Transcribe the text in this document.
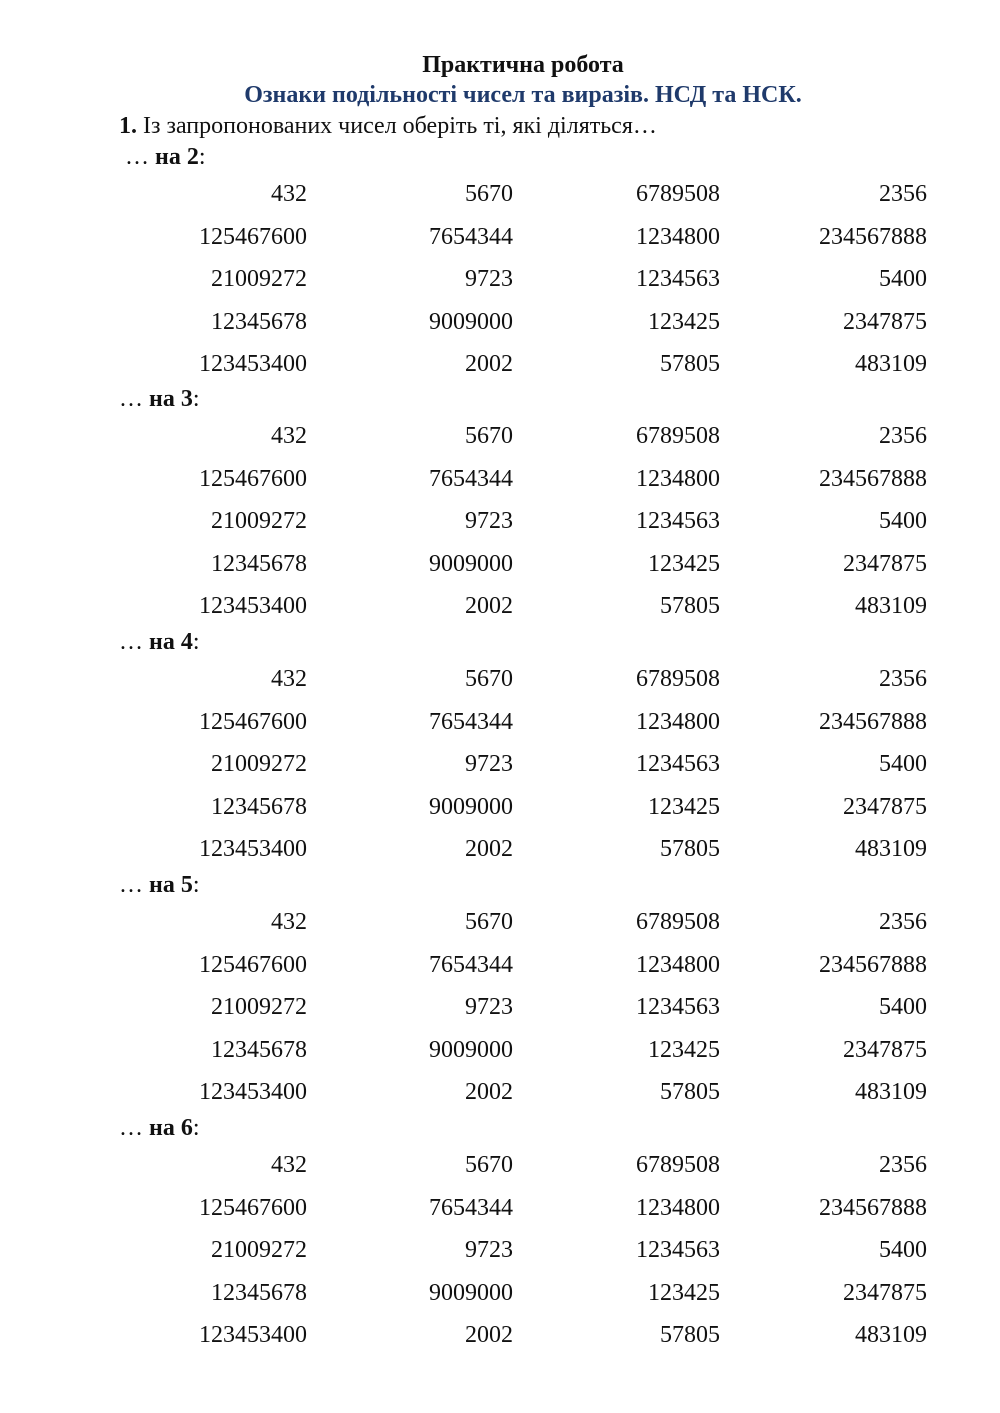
Практична робота
Ознаки подільності чисел та виразів. НСД та НСК.
1. Із запропонованих чисел оберіть ті, які діляться…
… на 2:
432	5670	6789508	2356
125467600	7654344	1234800	234567888
21009272	9723	1234563	5400
12345678	9009000	123425	2347875
123453400	2002	57805	483109
… на 3:
432	5670	6789508	2356
125467600	7654344	1234800	234567888
21009272	9723	1234563	5400
12345678	9009000	123425	2347875
123453400	2002	57805	483109
… на 4:
432	5670	6789508	2356
125467600	7654344	1234800	234567888
21009272	9723	1234563	5400
12345678	9009000	123425	2347875
123453400	2002	57805	483109
… на 5:
432	5670	6789508	2356
125467600	7654344	1234800	234567888
21009272	9723	1234563	5400
12345678	9009000	123425	2347875
123453400	2002	57805	483109
… на 6:
432	5670	6789508	2356
125467600	7654344	1234800	234567888
21009272	9723	1234563	5400
12345678	9009000	123425	2347875
123453400	2002	57805	483109
